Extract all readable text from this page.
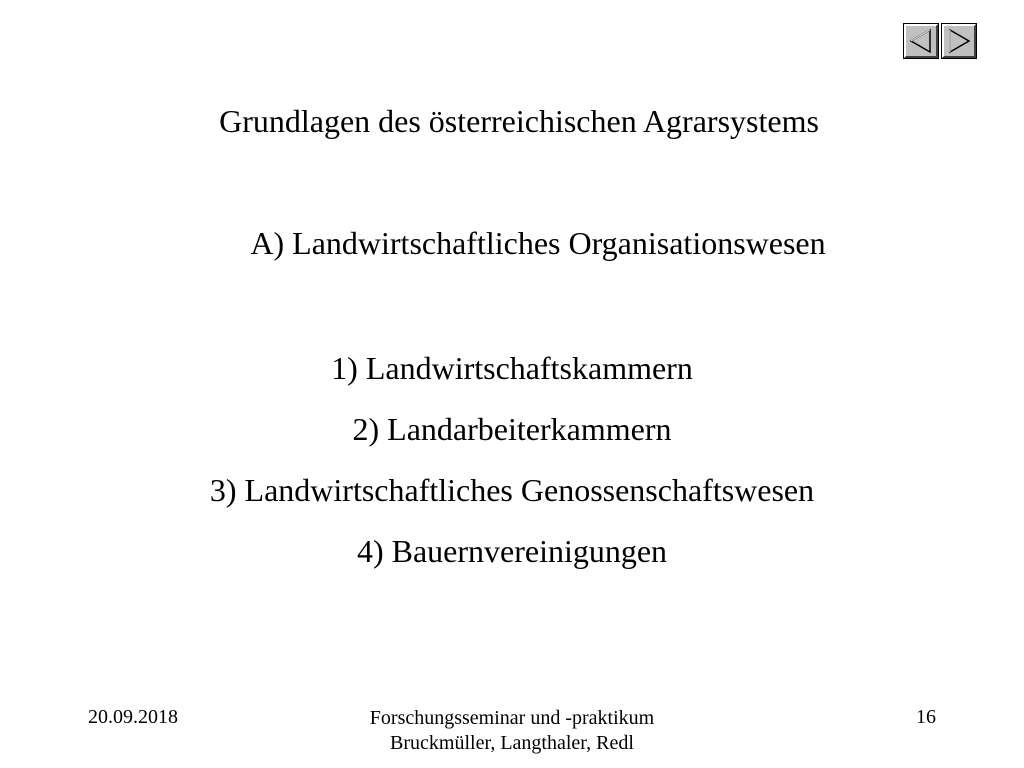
Grundlagen des österreichischen Agrarsystems
A) Landwirtschaftliches Organisationswesen
1) Landwirtschaftskammern
2) Landarbeiterkammern
3) Landwirtschaftliches Genossenschaftswesen
4) Bauernvereinigungen
20.09.2018	Forschungsseminar und -praktikum
Bruckmüller, Langthaler, Redl
16
